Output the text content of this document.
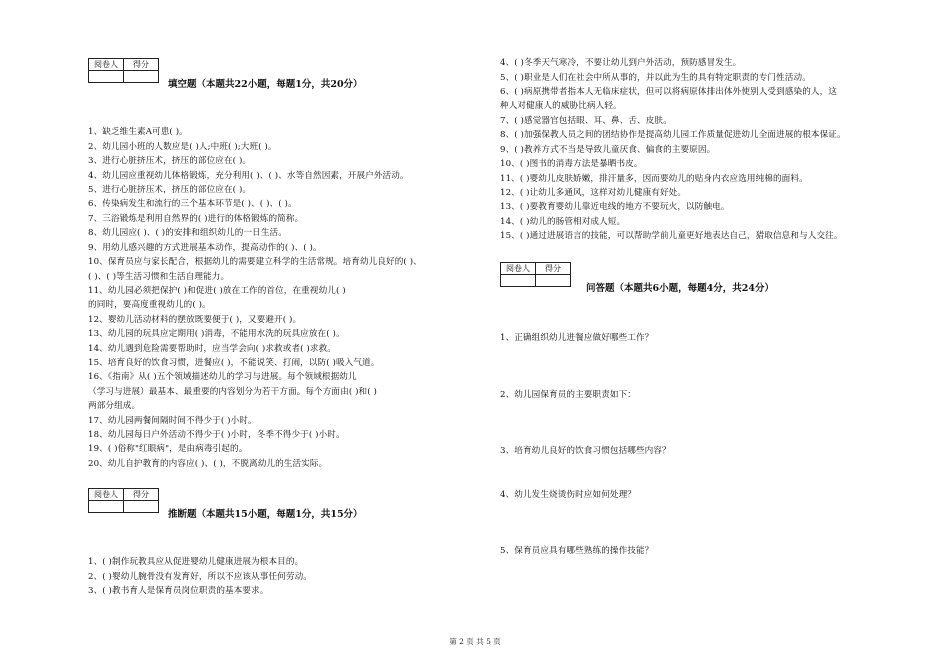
阅卷人	得分

填空题（本题共22小题，每题1分，共20分）
1、缺乏维生素A可患( )。
2、幼儿园小班的人数应是( )人;中班( );大班( )。
3、进行心脏挤压术，挤压的部位应在( )。
4、幼儿园应重视幼儿体格锻炼，充分利用( )、( )、水等自然因素，开展户外活动。
5、进行心脏挤压术，挤压的部位应在( )。
6、传染病发生和流行的三个基本环节是( )、( )、( )。
7、三浴锻炼是利用自然界的( )进行的体格锻炼的简称。
8、幼儿园应( )、( )的安排和组织幼儿的一日生活。
9、用幼儿感兴趣的方式进展基本动作，提高动作的( )、( )。
10、保育员应与家长配合，根据幼儿的需要建立科学的生活常规。培育幼儿良好的( )、
( )、( )等生活习惯和生活自理能力。
11、幼儿园必须把保护( )和促进( )放在工作的首位，在重视幼儿( )
的同时，要高度重视幼儿的( )。
12、婴幼儿活动材料的摆放既要便于( )，又要避开( )。
13、幼儿园的玩具应定期用( )消毒，不能用水洗的玩具应放在( )。
14、幼儿遇到危险需要帮助时，应当学会向( )求救或者( )求救。
15、培育良好的饮食习惯，进餐应( )，不能说笑、打闹，以防( )吸入气道。
16、《指南》从( )五个领域描述幼儿的学习与进展。每个领域根据幼儿
（学习与进展）最基本、最重要的内容划分为若干方面。每个方面由( )和( )
两部分组成。
17、幼儿园两餐间隔时间不得少于( )小时。
18、幼儿园每日户外活动不得少于( )小时，冬季不得少于( )小时。
19、( )俗称"红眼病"，是由病毒引起的。
20、幼儿自护教育的内容应( )、( )，不脱离幼儿的生活实际。
阅卷人	得分

推断题（本题共15小题，每题1分，共15分）
1、( )制作玩教具应从促进婴幼儿健康进展为根本目的。
2、( )婴幼儿腕骨没有发育好，所以不应该从事任何劳动。
3、( )教书育人是保育员岗位职责的基本要求。
4、( )冬季天气寒冷，不要让幼儿到户外活动，预防感冒发生。
5、( )职业是人们在社会中所从事的，并以此为生的具有特定职责的专门性活动。
6、( )病原携带者指本人无临床症状，但可以将病原体排出体外使别人受到感染的人，这
种人对健康人的威胁比病人轻。
7、( )感觉器官包括眼、耳、鼻、舌、皮肤。
8、( )加强保教人员之间的团结协作是提高幼儿园工作质量促进幼儿全面进展的根本保证。
9、( )教养方式不当是导致儿童厌食、偏食的主要原因。
10、( )图书的消毒方法是暴晒书皮。
11、( )婴幼儿皮肤娇嫩，排汗量多，因而要幼儿的贴身内衣应选用纯棉的面料。
12、( )让幼儿多通风，这样对幼儿健康有好处。
13、( )要教育婴幼儿靠近电线的地方不要玩火，以防触电。
14、( )幼儿的肠管相对成人短。
15、( )通过进展语言的技能，可以帮助学前儿童更好地表达自己，猎取信息和与人交往。
阅卷人	得分

问答题（本题共6小题，每题4分，共24分）
1、正确组织幼儿进餐应做好哪些工作？
2、幼儿园保育员的主要职责如下：
3、培育幼儿良好的饮食习惯包括哪些内容？
4、幼儿发生烧烫伤时应如何处理？
5、保育员应具有哪些熟练的操作技能？
第 2 页 共 5 页
